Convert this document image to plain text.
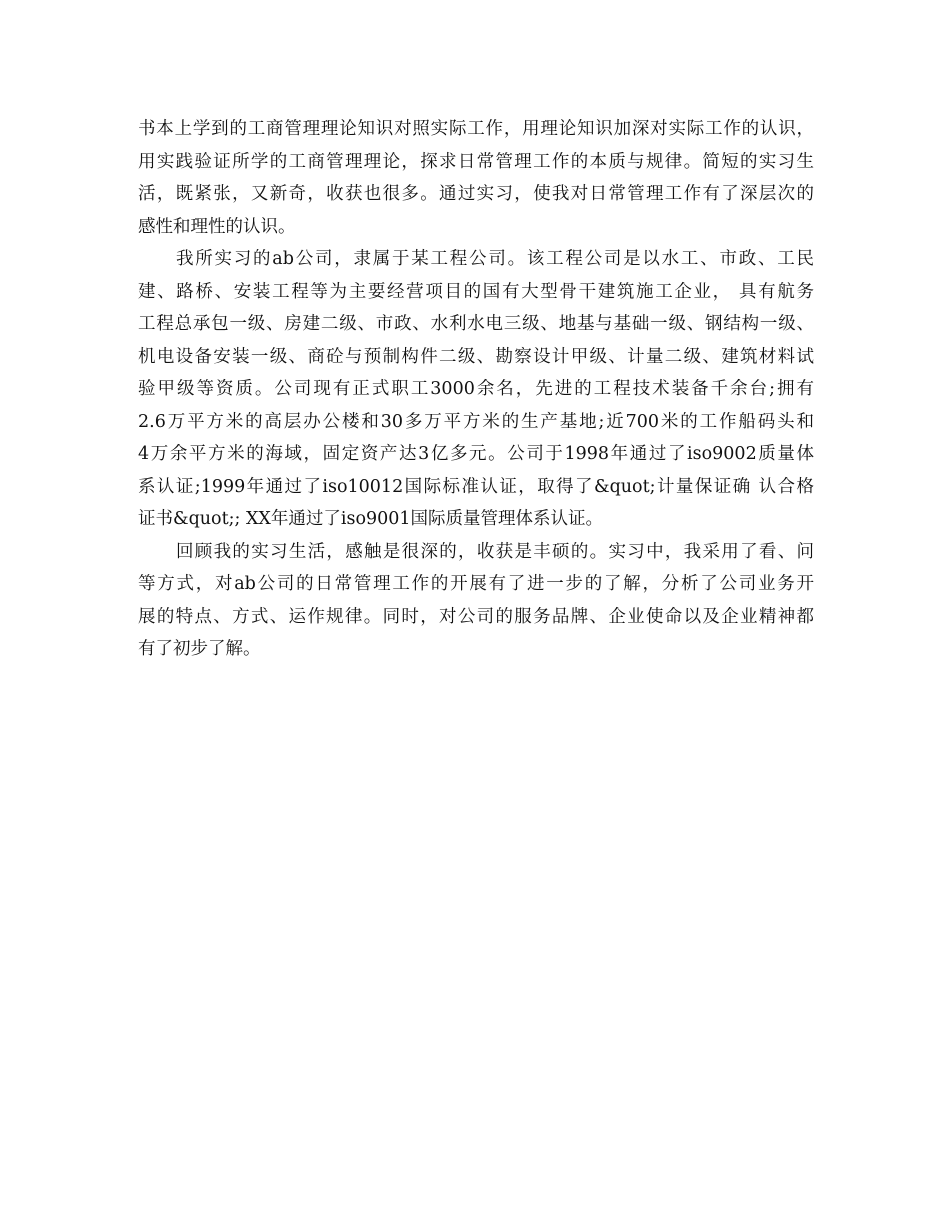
书本上学到的工商管理理论知识对照实际工作，用理论知识加深对实际工作的认识，
用实践验证所学的工商管理理论，探求日常管理工作的本质与规律。简短的实习生
活，既紧张，又新奇，收获也很多。通过实习，使我对日常管理工作有了深层次的
感性和理性的认识。
我所实习的ab公司，隶属于某工程公司。该工程公司是以水工、市政、工民
建、路桥、安装工程等为主要经营项目的国有大型骨干建筑施工企业， 具有航务
工程总承包一级、房建二级、市政、水利水电三级、地基与基础一级、钢结构一级、
机电设备安装一级、商砼与预制构件二级、勘察设计甲级、计量二级、建筑材料试
验甲级等资质。公司现有正式职工3000余名，先进的工程技术装备千余台;拥有
2.6万平方米的高层办公楼和30多万平方米的生产基地;近700米的工作船码头和
4万余平方米的海域，固定资产达3亿多元。公司于1998年通过了iso9002质量体
系认证;1999年通过了iso10012国际标准认证，取得了&quot;计量保证确 认合格
证书&quot;; XX年通过了iso9001国际质量管理体系认证。
回顾我的实习生活，感触是很深的，收获是丰硕的。实习中，我采用了看、问
等方式，对ab公司的日常管理工作的开展有了进一步的了解，分析了公司业务开
展的特点、方式、运作规律。同时，对公司的服务品牌、企业使命以及企业精神都
有了初步了解。
